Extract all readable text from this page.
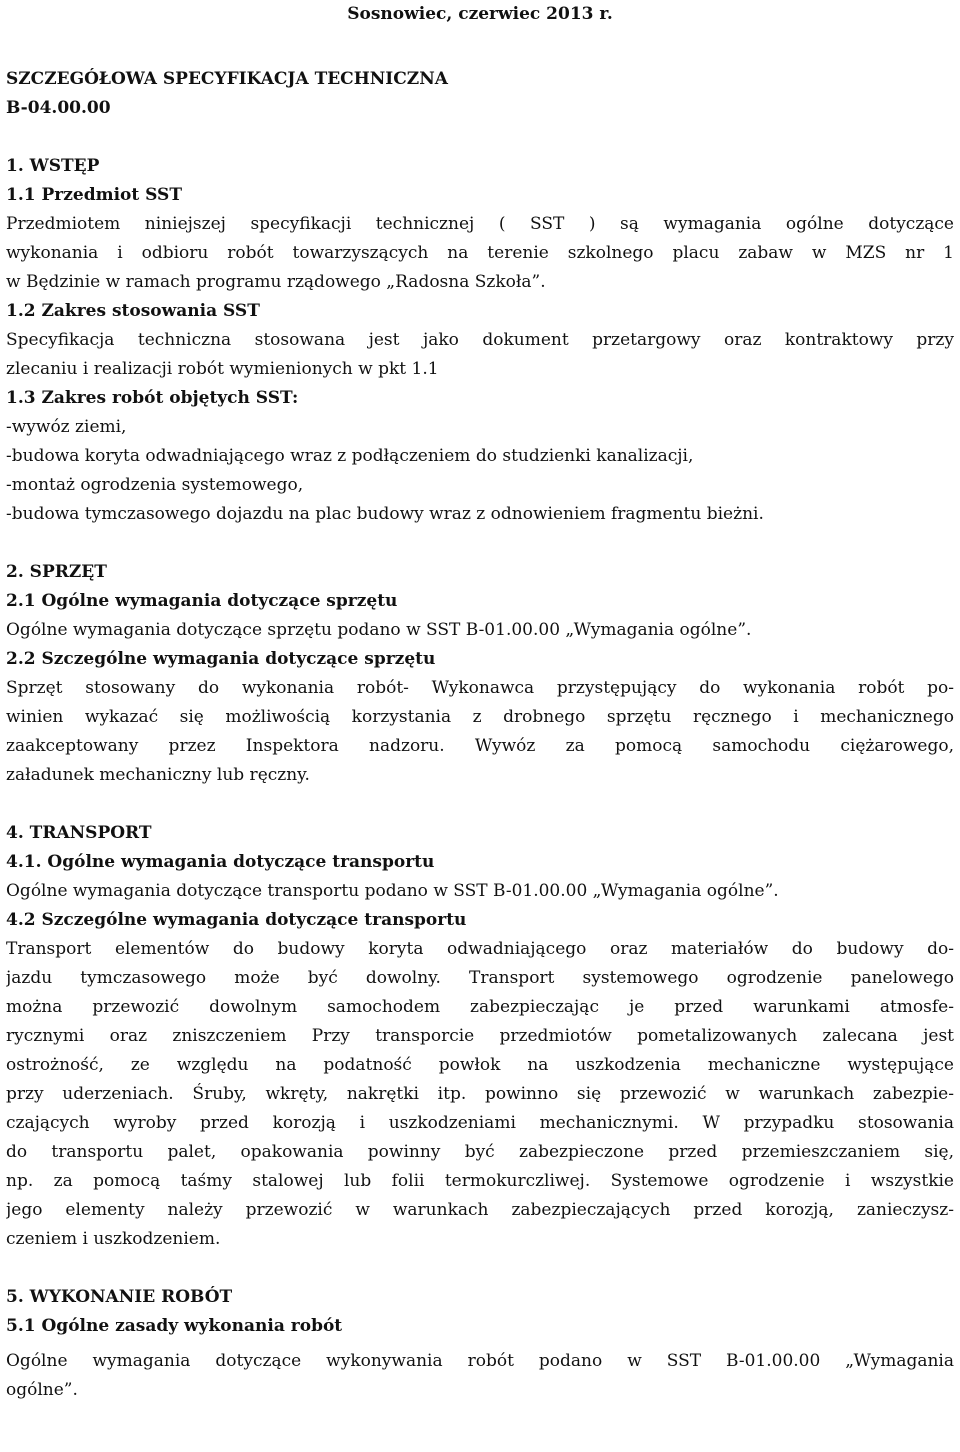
Sosnowiec, czerwiec 2013 r.
SZCZEGÓŁOWA SPECYFIKACJA TECHNICZNA
B-04.00.00
1. WSTĘP
1.1 Przedmiot SST
Przedmiotem niniejszej specyfikacji technicznej ( SST ) są wymagania ogólne dotyczące
wykonania i odbioru robót towarzyszących na terenie szkolnego placu zabaw w MZS nr 1
w Będzinie w ramach programu rządowego „Radosna Szkoła”.
1.2 Zakres stosowania SST
Specyfikacja techniczna stosowana jest jako dokument przetargowy oraz kontraktowy przy
zlecaniu i realizacji robót wymienionych w pkt 1.1
1.3 Zakres robót objętych SST:
-wywóz ziemi,
-budowa koryta odwadniającego wraz z podłączeniem do studzienki kanalizacji,
-montaż ogrodzenia systemowego,
-budowa tymczasowego dojazdu na plac budowy wraz z odnowieniem fragmentu bieżni.
2. SPRZĘT
2.1 Ogólne wymagania dotyczące sprzętu
Ogólne wymagania dotyczące sprzętu podano w SST B-01.00.00 „Wymagania ogólne”.
2.2 Szczególne wymagania dotyczące sprzętu
Sprzęt stosowany do wykonania robót- Wykonawca przystępujący do wykonania robót po-
winien wykazać się możliwością korzystania z drobnego sprzętu ręcznego i mechanicznego
zaakceptowany przez Inspektora nadzoru. Wywóz za pomocą samochodu ciężarowego,
załadunek mechaniczny lub ręczny.
4. TRANSPORT
4.1. Ogólne wymagania dotyczące transportu
Ogólne wymagania dotyczące transportu podano w SST B-01.00.00 „Wymagania ogólne”.
4.2 Szczególne wymagania dotyczące transportu
Transport elementów do budowy koryta odwadniającego oraz materiałów do budowy do-
jazdu tymczasowego może być dowolny. Transport systemowego ogrodzenie panelowego
można przewozić dowolnym samochodem zabezpieczając je przed warunkami atmosfe-
rycznymi oraz zniszczeniem Przy transporcie przedmiotów pometalizowanych zalecana jest
ostrożność, ze względu na podatność powłok na uszkodzenia mechaniczne występujące
przy uderzeniach. Śruby, wkręty, nakrętki itp. powinno się przewozić w warunkach zabezpie-
czających wyroby przed korozją i uszkodzeniami mechanicznymi. W przypadku stosowania
do transportu palet, opakowania powinny być zabezpieczone przed przemieszczaniem się,
np. za pomocą taśmy stalowej lub folii termokurczliwej. Systemowe ogrodzenie i wszystkie
jego elementy należy przewozić w warunkach zabezpieczających przed korozją, zanieczysz-
czeniem i uszkodzeniem.
5. WYKONANIE ROBÓT
5.1 Ogólne zasady wykonania robót
Ogólne wymagania dotyczące wykonywania robót podano w SST B-01.00.00 „Wymagania
ogólne”.
